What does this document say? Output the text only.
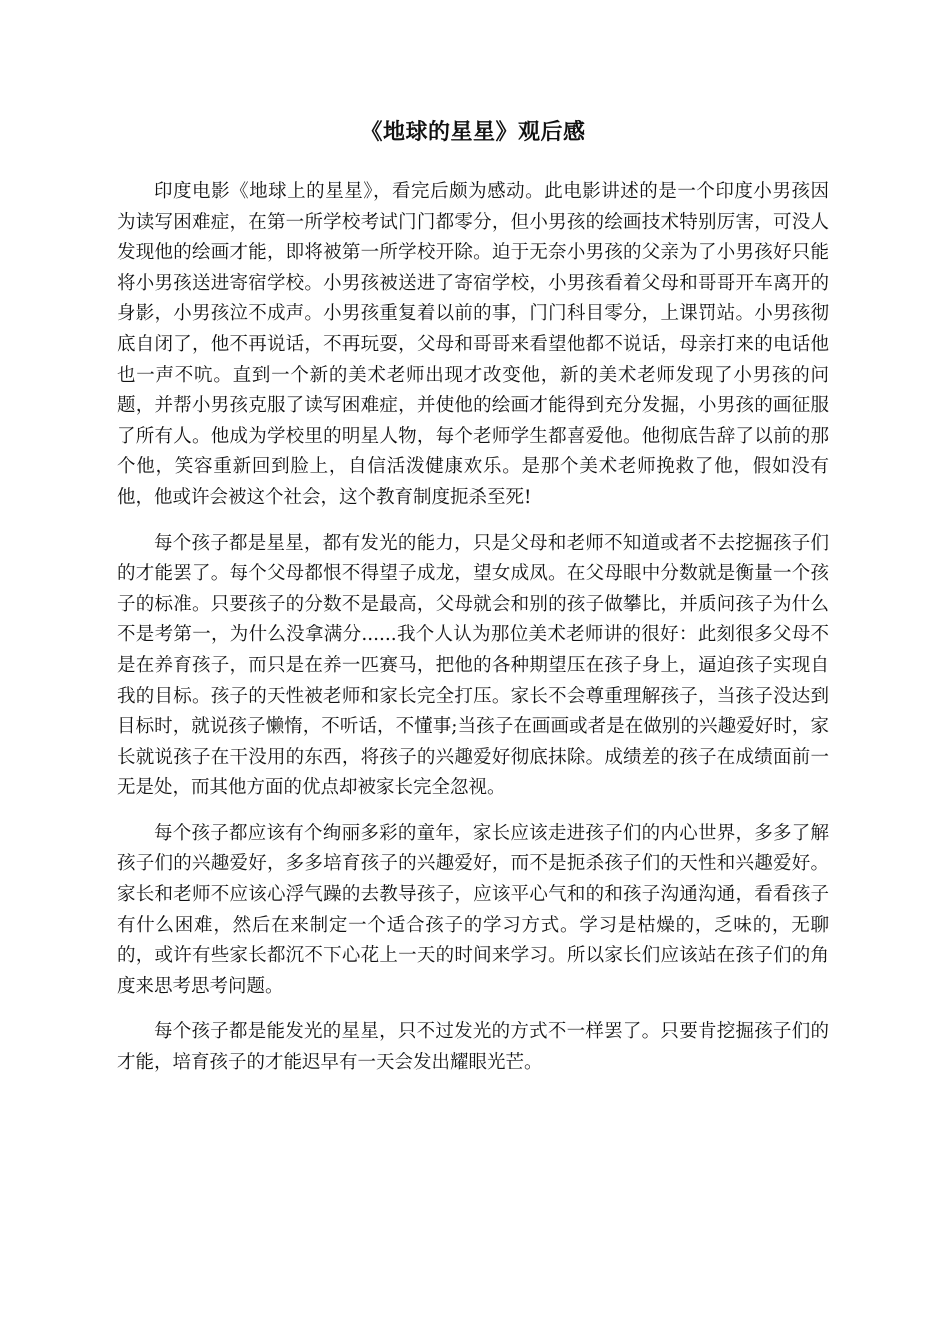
《地球的星星》观后感

印度电影《地球上的星星》，看完后颇为感动。此电影讲述的是一个印度小男孩因为读写困难症，在第一所学校考试门门都零分，但小男孩的绘画技术特别厉害，可没人发现他的绘画才能，即将被第一所学校开除。迫于无奈小男孩的父亲为了小男孩好只能将小男孩送进寄宿学校。小男孩被送进了寄宿学校，小男孩看着父母和哥哥开车离开的身影，小男孩泣不成声。小男孩重复着以前的事，门门科目零分，上课罚站。小男孩彻底自闭了，他不再说话，不再玩耍，父母和哥哥来看望他都不说话，母亲打来的电话他也一声不吭。直到一个新的美术老师出现才改变他，新的美术老师发现了小男孩的问题，并帮小男孩克服了读写困难症，并使他的绘画才能得到充分发掘，小男孩的画征服了所有人。他成为学校里的明星人物，每个老师学生都喜爱他。他彻底告辞了以前的那个他，笑容重新回到脸上，自信活泼健康欢乐。是那个美术老师挽救了他，假如没有他，他或许会被这个社会，这个教育制度扼杀至死!

每个孩子都是星星，都有发光的能力，只是父母和老师不知道或者不去挖掘孩子们的才能罢了。每个父母都恨不得望子成龙，望女成凤。在父母眼中分数就是衡量一个孩子的标准。只要孩子的分数不是最高，父母就会和别的孩子做攀比，并质问孩子为什么不是考第一，为什么没拿满分......我个人认为那位美术老师讲的很好：此刻很多父母不是在养育孩子，而只是在养一匹赛马，把他的各种期望压在孩子身上，逼迫孩子实现自我的目标。孩子的天性被老师和家长完全打压。家长不会尊重理解孩子，当孩子没达到目标时，就说孩子懒惰，不听话，不懂事;当孩子在画画或者是在做别的兴趣爱好时，家长就说孩子在干没用的东西，将孩子的兴趣爱好彻底抹除。成绩差的孩子在成绩面前一无是处，而其他方面的优点却被家长完全忽视。

每个孩子都应该有个绚丽多彩的童年，家长应该走进孩子们的内心世界，多多了解孩子们的兴趣爱好，多多培育孩子的兴趣爱好，而不是扼杀孩子们的天性和兴趣爱好。家长和老师不应该心浮气躁的去教导孩子，应该平心气和的和孩子沟通沟通，看看孩子有什么困难，然后在来制定一个适合孩子的学习方式。学习是枯燥的，乏味的，无聊的，或许有些家长都沉不下心花上一天的时间来学习。所以家长们应该站在孩子们的角度来思考思考问题。

每个孩子都是能发光的星星，只不过发光的方式不一样罢了。只要肯挖掘孩子们的才能，培育孩子的才能迟早有一天会发出耀眼光芒。
